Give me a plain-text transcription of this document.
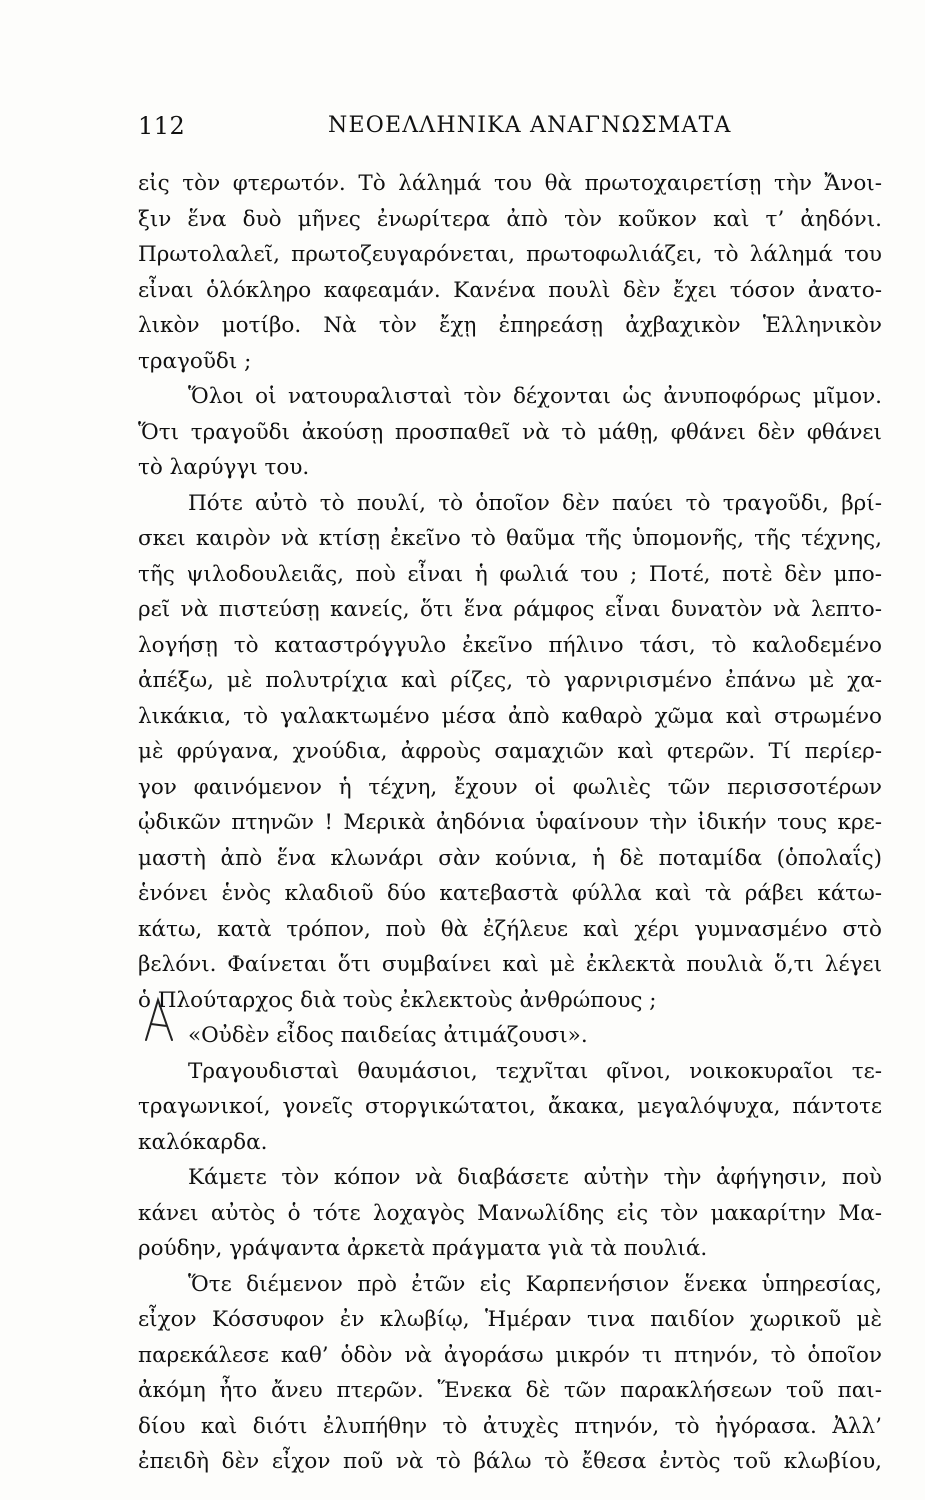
112	ΝΕΟΕΛΛΗΝΙΚΑ ΑΝΑΓΝΩΣΜΑΤΑ
εἰς τὸν φτερωτόν. Τὸ λάλημά του θὰ πρωτοχαιρετίσῃ τὴν Ἄνοι-
ξιν ἕνα δυὸ μῆνες ἐνωρίτερα ἀπὸ τὸν κοῦκον καὶ τ’ ἀηδόνι.
Πρωτολαλεῖ, πρωτοζευγαρόνεται, πρωτοφωλιάζει, τὸ λάλημά του
εἶναι ὁλόκληρο καφεαμάν. Κανένα πουλὶ δὲν ἔχει τόσον ἀνατο-
λικὸν μοτίβο. Νὰ τὸν ἔχῃ ἐπηρεάσῃ ἀχβαχικὸν Ἑλληνικὸν
τραγοῦδι ;
Ὅλοι οἱ νατουραλισταὶ τὸν δέχονται ὡς ἀνυποφόρως μῖμον.
Ὅτι τραγοῦδι ἀκούσῃ προσπαθεῖ νὰ τὸ μάθῃ, φθάνει δὲν φθάνει
τὸ λαρύγγι του.
Πότε αὐτὸ τὸ πουλί, τὸ ὁποῖον δὲν παύει τὸ τραγοῦδι, βρί-
σκει καιρὸν νὰ κτίσῃ ἐκεῖνο τὸ θαῦμα τῆς ὑπομονῆς, τῆς τέχνης,
τῆς ψιλοδουλειᾶς, ποὺ εἶναι ἡ φωλιά του ; Ποτέ, ποτὲ δὲν μπο-
ρεῖ νὰ πιστεύσῃ κανείς, ὅτι ἕνα ράμφος εἶναι δυνατὸν νὰ λεπτο-
λογήσῃ τὸ καταστρόγγυλο ἐκεῖνο πήλινο τάσι, τὸ καλοδεμένο
ἀπέξω, μὲ πολυτρίχια καὶ ρίζες, τὸ γαρνιρισμένο ἐπάνω μὲ χα-
λικάκια, τὸ γαλακτωμένο μέσα ἀπὸ καθαρὸ χῶμα καὶ στρωμένο
μὲ φρύγανα, χνούδια, ἀφροὺς σαμαχιῶν καὶ φτερῶν. Τί περίερ-
γον φαινόμενον ἡ τέχνη, ἔχουν οἱ φωλιὲς τῶν περισσοτέρων
ᾠδικῶν πτηνῶν ! Μερικὰ ἀηδόνια ὑφαίνουν τὴν ἰδικήν τους κρε-
μαστὴ ἀπὸ ἕνα κλωνάρι σὰν κούνια, ἡ δὲ ποταμίδα (ὁπολαΐς)
ἑνόνει ἑνὸς κλαδιοῦ δύο κατεβαστὰ φύλλα καὶ τὰ ράβει κάτω-
κάτω, κατὰ τρόπον, ποὺ θὰ ἐζήλευε καὶ χέρι γυμνασμένο στὸ
βελόνι. Φαίνεται ὅτι συμβαίνει καὶ μὲ ἐκλεκτὰ πουλιὰ ὅ,τι λέγει
ὁ Πλούταρχος διὰ τοὺς ἐκλεκτοὺς ἀνθρώπους ;
«Οὐδὲν εἶδος παιδείας ἀτιμάζουσι».
Τραγουδισταὶ θαυμάσιοι, τεχνῖται φῖνοι, νοικοκυραῖοι τε-
τραγωνικοί, γονεῖς στοργικώτατοι, ἄκακα, μεγαλόψυχα, πάντοτε
καλόκαρδα.
Κάμετε τὸν κόπον νὰ διαβάσετε αὐτὴν τὴν ἀφήγησιν, ποὺ
κάνει αὐτὸς ὁ τότε λοχαγὸς Μανωλίδης εἰς τὸν μακαρίτην Μα-
ρούδην, γράψαντα ἀρκετὰ πράγματα γιὰ τὰ πουλιά.
Ὅτε διέμενον πρὸ ἐτῶν εἰς Καρπενήσιον ἕνεκα ὑπηρεσίας,
εἶχον Κόσσυφον ἐν κλωβίῳ, Ἡμέραν τινα παιδίον χωρικοῦ μὲ
παρεκάλεσε καθ’ ὁδὸν νὰ ἀγοράσω μικρόν τι πτηνόν, τὸ ὁποῖον
ἀκόμη ἦτο ἄνευ πτερῶν. Ἕνεκα δὲ τῶν παρακλήσεων τοῦ παι-
δίου καὶ διότι ἐλυπήθην τὸ ἀτυχὲς πτηνόν, τὸ ἠγόρασα. Ἀλλ’
ἐπειδὴ δὲν εἶχον ποῦ νὰ τὸ βάλω τὸ ἔθεσα ἐντὸς τοῦ κλωβίου,
